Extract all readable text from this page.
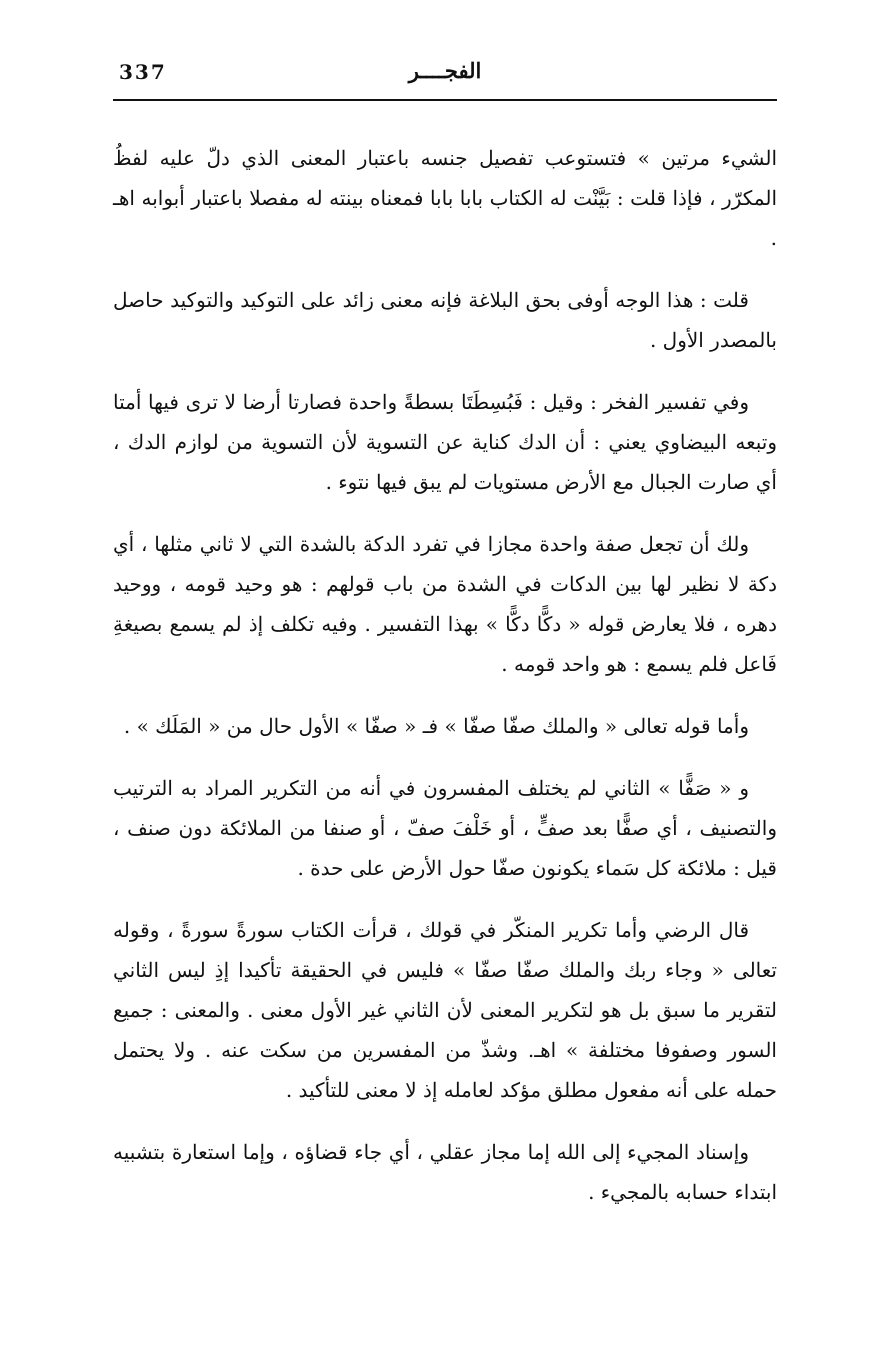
337	الفجــــر

الشيء مرتين » فتستوعب تفصيل جنسه باعتبار المعنى الذي دلّ عليه لفظُ المكرّر ، فإذا قلت : بَيَّنْت له الكتاب بابا بابا فمعناه بينته له مفصلا باعتبار أبوابه اهـ .

قلت : هذا الوجه أوفى بحق البلاغة فإنه معنى زائد على التوكيد والتوكيد حاصل بالمصدر الأول .

وفي تفسير الفخر : وقيل : فَبُسِطَتَا بسطةً واحدة فصارتا أرضا لا ترى فيها أمتا وتبعه البيضاوي يعني : أن الدك كناية عن التسوية لأن التسوية من لوازم الدك ، أي صارت الجبال مع الأرض مستويات لم يبق فيها نتوء .

ولك أن تجعل صفة واحدة مجازا في تفرد الدكة بالشدة التي لا ثاني مثلها ، أي دكة لا نظير لها بين الدكات في الشدة من باب قولهم : هو وحيد قومه ، ووحيد دهره ، فلا يعارض قوله « دكًّا دكًّا » بهذا التفسير . وفيه تكلف إذ لم يسمع بصيغةِ فَاعل فلم يسمع : هو واحد قومه .

وأما قوله تعالى « والملك صفّا صفّا » فـ « صفّا » الأول حال من « المَلَك » .

و « صَفًّا » الثاني لم يختلف المفسرون في أنه من التكرير المراد به الترتيب والتصنيف ، أي صفًّا بعد صفٍّ ، أو خَلْفَ صفّ ، أو صنفا من الملائكة دون صنف ، قيل : ملائكة كل سَماء يكونون صفّا حول الأرض على حدة .

قال الرضي وأما تكرير المنكّر في قولك ، قرأت الكتاب سورةً سورةً ، وقوله تعالى « وجاء ربك والملك صفّا صفّا » فليس في الحقيقة تأكيدا إذِ ليس الثاني لتقرير ما سبق بل هو لتكرير المعنى لأن الثاني غير الأول معنى . والمعنى : جميع السور وصفوفا مختلفة » اهـ. وشذّ من المفسرين من سكت عنه . ولا يحتمل حمله على أنه مفعول مطلق مؤكد لعامله إذ لا معنى للتأكيد .

وإسناد المجيء إلى الله إما مجاز عقلي ، أي جاء قضاؤه ، وإما استعارة بتشبيه ابتداء حسابه بالمجيء .
